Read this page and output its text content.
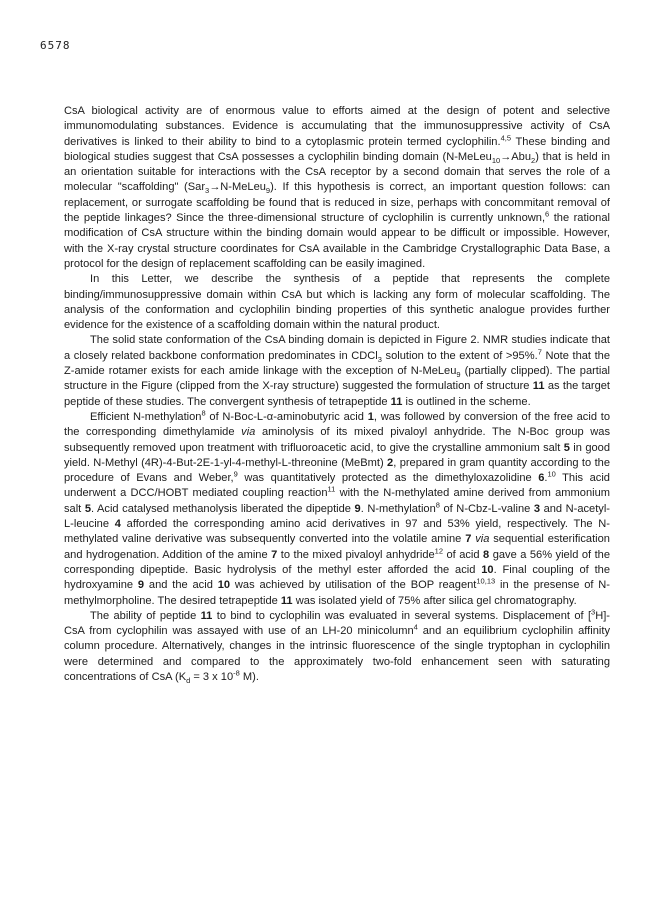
6578

CsA biological activity are of enormous value to efforts aimed at the design of potent and selective immunomodulating substances. Evidence is accumulating that the immunosuppressive activity of CsA derivatives is linked to their ability to bind to a cytoplasmic protein termed cyclophilin.$^{4,5}$ These binding and biological studies suggest that CsA possesses a cyclophilin binding domain (N-MeLeu$_{10}$→Abu$_2$) that is held in an orientation suitable for interactions with the CsA receptor by a second domain that serves the role of a molecular "scaffolding" (Sar$_3$→N-MeLeu$_9$). If this hypothesis is correct, an important question follows: can replacement, or surrogate scaffolding be found that is reduced in size, perhaps with concommitant removal of the peptide linkages? Since the three-dimensional structure of cyclophilin is currently unknown,$^6$ the rational modification of CsA structure within the binding domain would appear to be difficult or impossible. However, with the X-ray crystal structure coordinates for CsA available in the Cambridge Crystallographic Data Base, a protocol for the design of replacement scaffolding can be easily imagined.

In this Letter, we describe the synthesis of a peptide that represents the complete binding/immunosuppressive domain within CsA but which is lacking any form of molecular scaffolding. The analysis of the conformation and cyclophilin binding properties of this synthetic analogue provides further evidence for the existence of a scaffolding domain within the natural product.

The solid state conformation of the CsA binding domain is depicted in Figure 2. NMR studies indicate that a closely related backbone conformation predominates in CDCl$_3$ solution to the extent of >95%.$^7$ Note that the Z-amide rotamer exists for each amide linkage with the exception of N-MeLeu$_9$ (partially clipped). The partial structure in the Figure (clipped from the X-ray structure) suggested the formulation of structure 11 as the target peptide of these studies. The convergent synthesis of tetrapeptide 11 is outlined in the scheme.

Efficient N-methylation$^8$ of N-Boc-L-α-aminobutyric acid 1, was followed by conversion of the free acid to the corresponding dimethylamide via aminolysis of its mixed pivaloyl anhydride. The N-Boc group was subsequently removed upon treatment with trifluoroacetic acid, to give the crystalline ammonium salt 5 in good yield. N-Methyl (4R)-4-But-2E-1-yl-4-methyl-L-threonine (MeBmt) 2, prepared in gram quantity according to the procedure of Evans and Weber,$^9$ was quantitatively protected as the dimethyloxazolidine 6.10 This acid underwent a DCC/HOBT mediated coupling reaction$^{11}$ with the N-methylated amine derived from ammonium salt 5. Acid catalysed methanolysis liberated the dipeptide 9. N-methylation$^8$ of N-Cbz-L-valine 3 and N-acetyl-L-leucine 4 afforded the corresponding amino acid derivatives in 97 and 53% yield, respectively. The N-methylated valine derivative was subsequently converted into the volatile amine 7 via sequential esterification and hydrogenation. Addition of the amine 7 to the mixed pivaloyl anhydride$^{12}$ of acid 8 gave a 56% yield of the corresponding dipeptide. Basic hydrolysis of the methyl ester afforded the acid 10. Final coupling of the hydroxyamine 9 and the acid 10 was achieved by utilisation of the BOP reagent$^{10,13}$ in the presense of N-methylmorpholine. The desired tetrapeptide 11 was isolated yield of 75% after silica gel chromatography.

The ability of peptide 11 to bind to cyclophilin was evaluated in several systems. Displacement of [$^3$H]-CsA from cyclophilin was assayed with use of an LH-20 minicolumn$^4$ and an equilibrium cyclophilin affinity column procedure. Alternatively, changes in the intrinsic fluorescence of the single tryptophan in cyclophilin were determined and compared to the approximately two-fold enhancement seen with saturating concentrations of CsA ($K_d = 3$ x $10^{-8}$ M).
